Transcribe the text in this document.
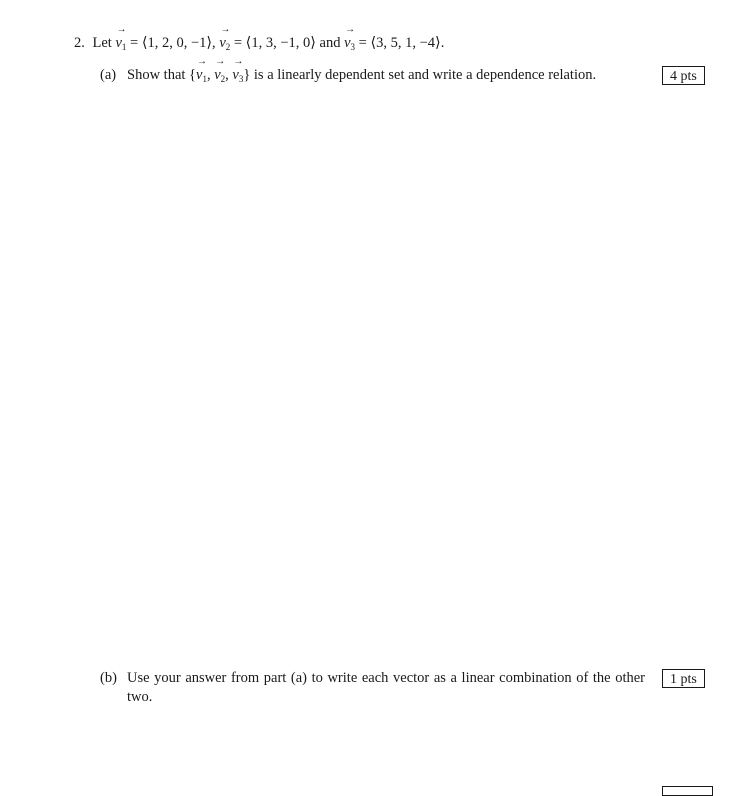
2. Let
→
$v_1$ = ⟨1, 2, 0, −1⟩,
→
$v_2$ = ⟨1, 3, −1, 0⟩ and
→
$v_3$ = ⟨3, 5, 1, −4⟩.
(a) Show that {
→
$v_1$,
→
$v_2$,
→
$v_3$} is a linearly dependent set and write a dependence relation.	4 pts
(b) Use your answer from part (a) to write each vector as a linear combination of the other two.
1 pts
